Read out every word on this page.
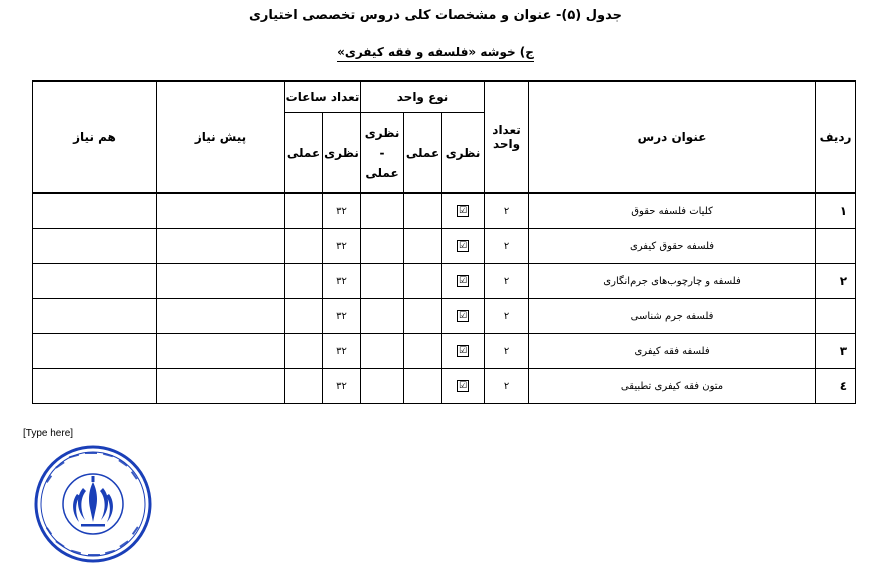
جدول (۵)- عنوان و مشخصات کلی دروس تخصصی اختیاری
ج) خوشه «فلسفه و فقه کیفری»
ردیف	عنوان درس	تعداد واحد	نوع واحد			تعداد ساعات		پیش نیاز	هم نیاز
			نظری	عملی	نظری - عملی	نظری	عملی		
۱	کلیات فلسفه حقوق	۲	☑			۳۲			
	فلسفه حقوق کیفری	۲	☑			۳۲			
۲	فلسفه و چارچوب‌های جرم‌انگاری	۲	☑			۳۲			
	فلسفه جرم شناسی	۲	☑			۳۲			
۳	فلسفه فقه کیفری	۲	☑			۳۲			
٤	متون فقه کیفری تطبیقی	۲	☑			۳۲			
[Type here]
